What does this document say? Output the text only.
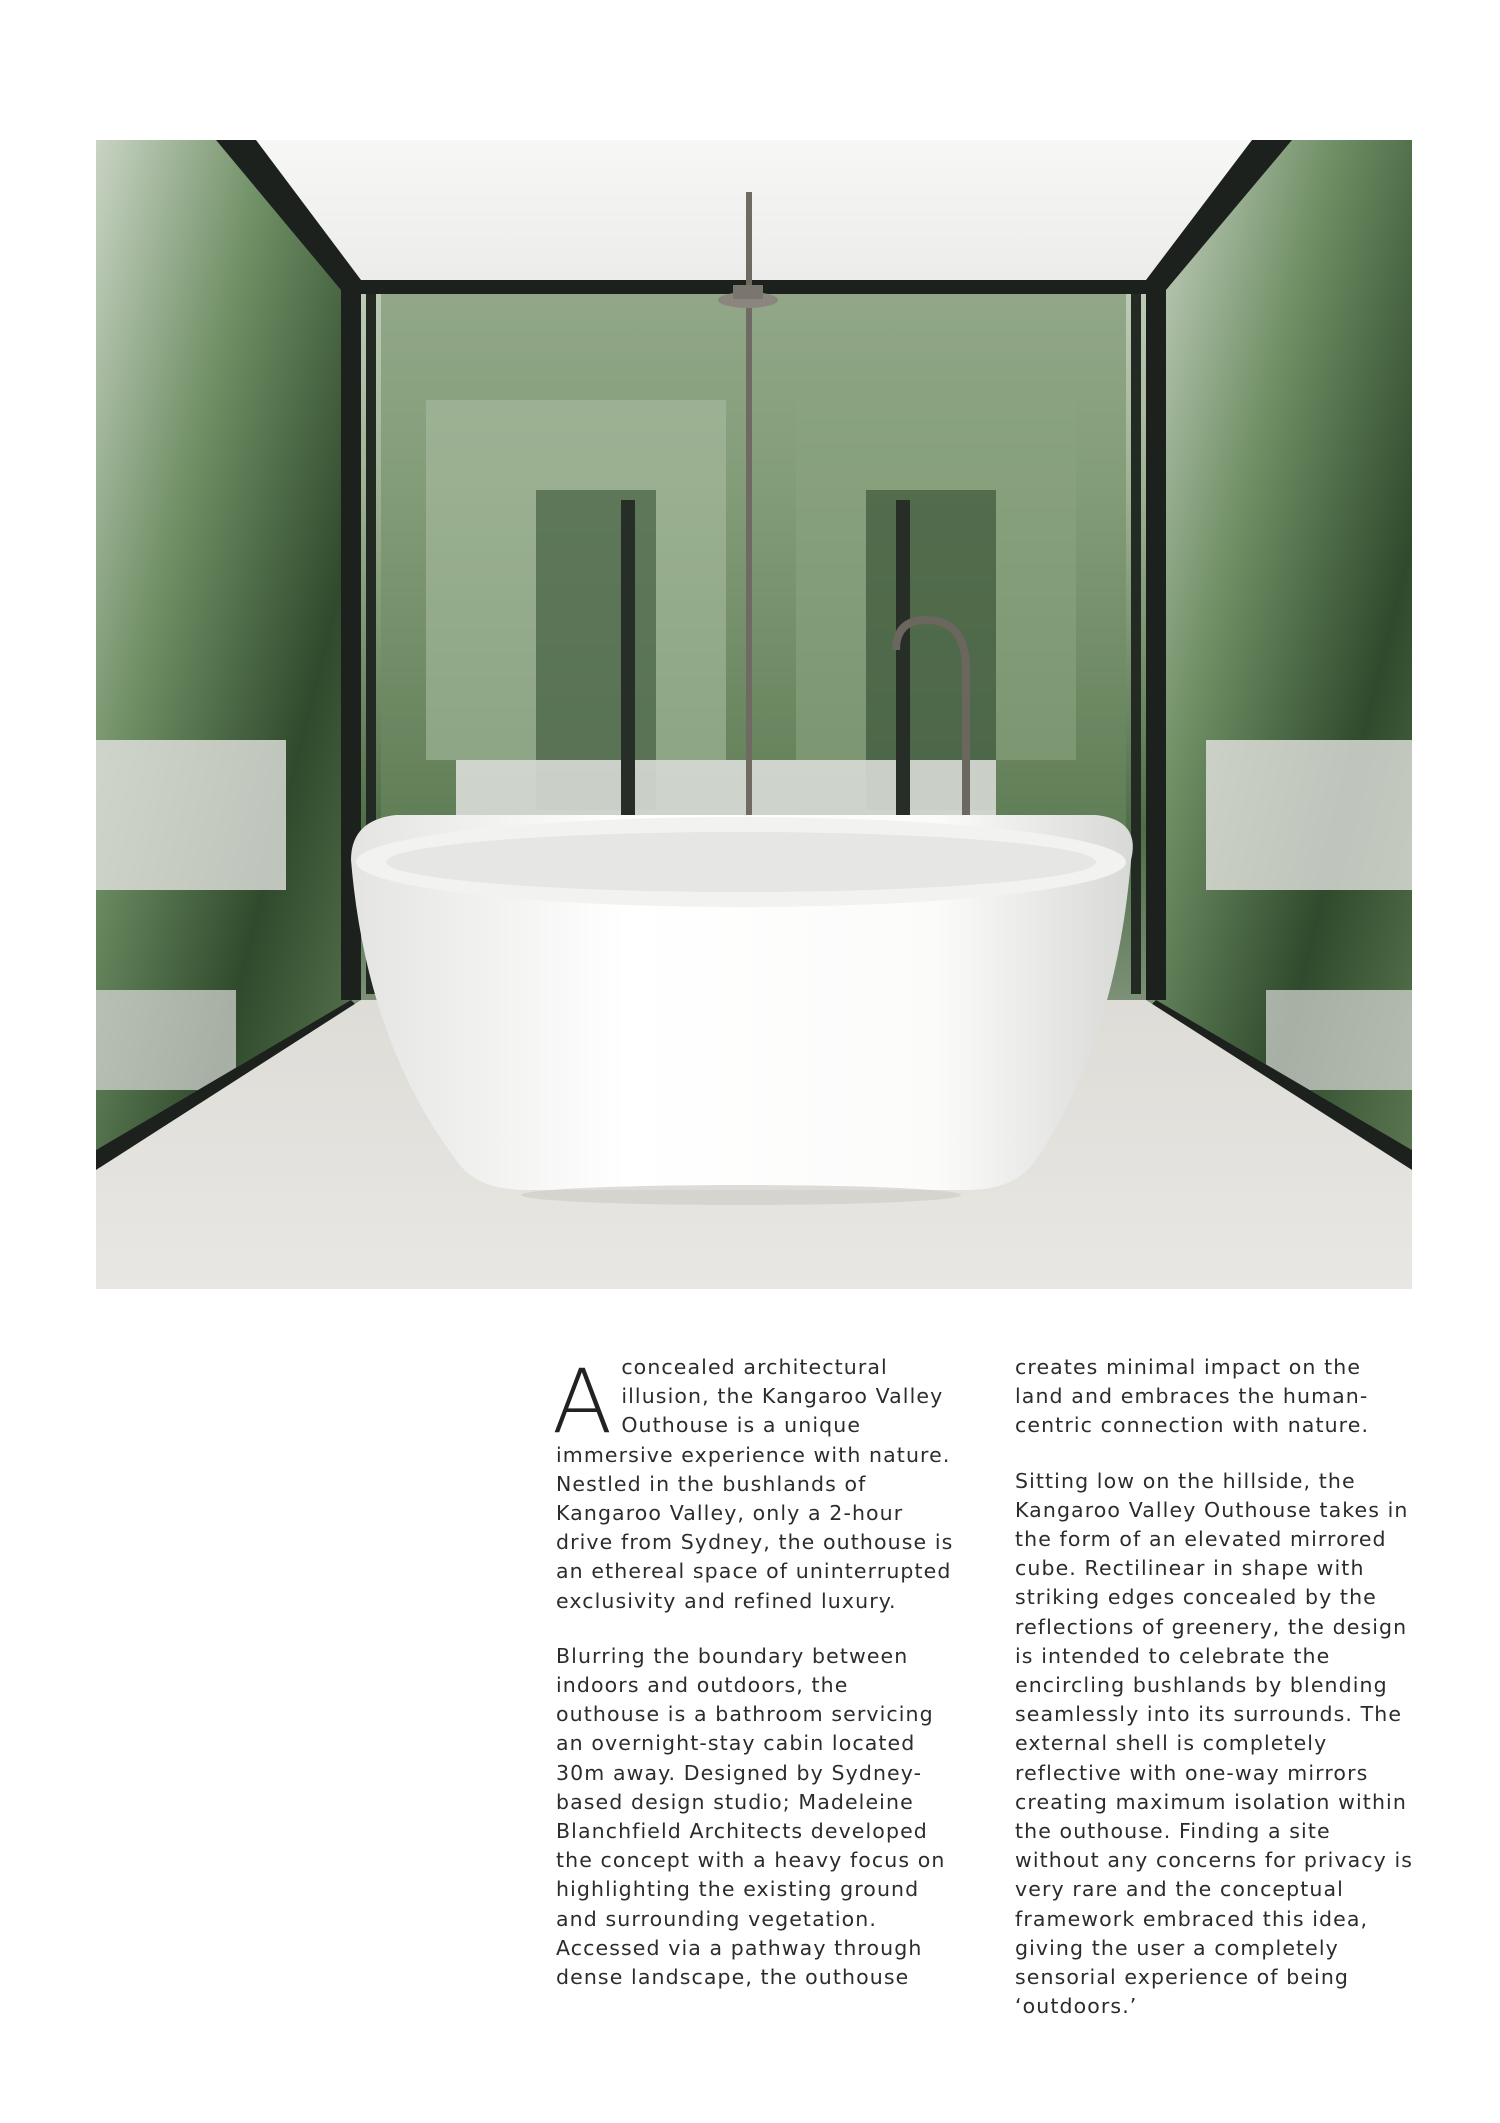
Aconcealed architectural illusion, the Kangaroo Valley Outhouse is a unique immersive experience with nature. Nestled in the bushlands of Kangaroo Valley, only a 2-hour drive from Sydney, the outhouse is an ethereal space of uninterrupted exclusivity and refined luxury.

Blurring the boundary between indoors and outdoors, the outhouse is a bathroom servicing an overnight-stay cabin located 30m away. Designed by Sydney-based design studio; Madeleine Blanchfield Architects developed the concept with a heavy focus on highlighting the existing ground and surrounding vegetation. Accessed via a pathway through dense landscape, the outhouse

creates minimal impact on the land and embraces the human-centric connection with nature.

Sitting low on the hillside, the Kangaroo Valley Outhouse takes in the form of an elevated mirrored cube. Rectilinear in shape with striking edges concealed by the reflections of greenery, the design is intended to celebrate the encircling bushlands by blending seamlessly into its surrounds. The external shell is completely reflective with one-way mirrors creating maximum isolation within the outhouse. Finding a site without any concerns for privacy is very rare and the conceptual framework embraced this idea, giving the user a completely sensorial experience of being ‘outdoors.’
